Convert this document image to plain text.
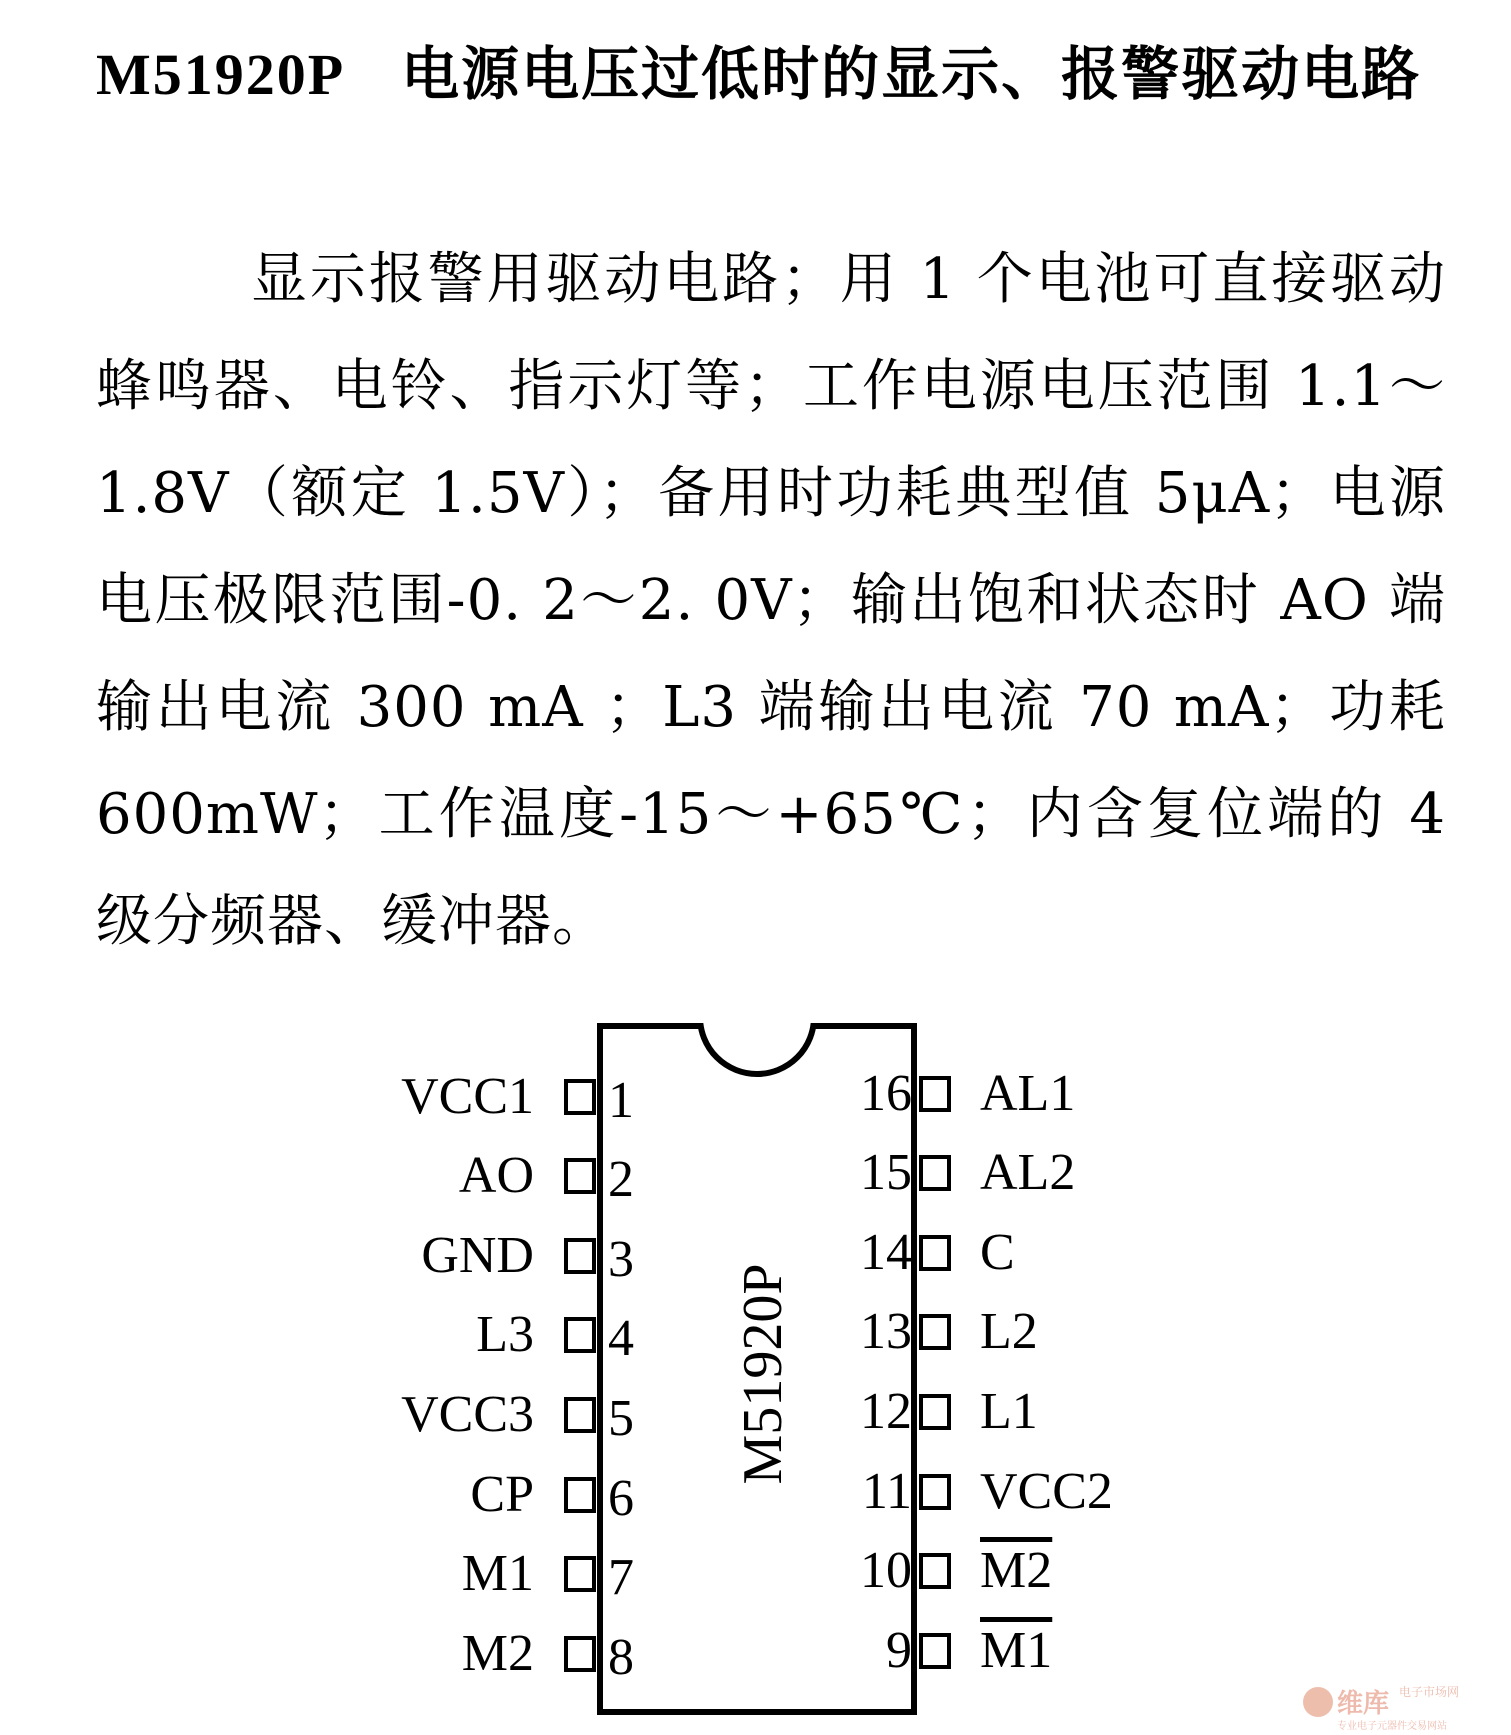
M51920P 电源电压过低时的显示、报警驱动电路

显示报警用驱动电路；用 1 个电池可直接驱动蜂鸣器、电铃、指示灯等；工作电源电压范围 1.1～1.8V（额定 1.5V）；备用时功耗典型值 5μA；电源电压极限范围-0. 2～2. 0V；输出饱和状态时 AO 端输出电流 300 mA ；L3 端输出电流 70 mA；功耗 600mW；工作温度-15～+65℃；内含复位端的 4 级分频器、缓冲器。

M51920P
VCC1 1
AO 2
GND 3
L3 4
VCC3 5
CP 6
M1 7
M2 8
16 AL1
15 AL2
14 C
13 L2
12 L1
11 VCC2
10 M2
9 M1
维库 电子市场网
专业电子元器件交易网站
